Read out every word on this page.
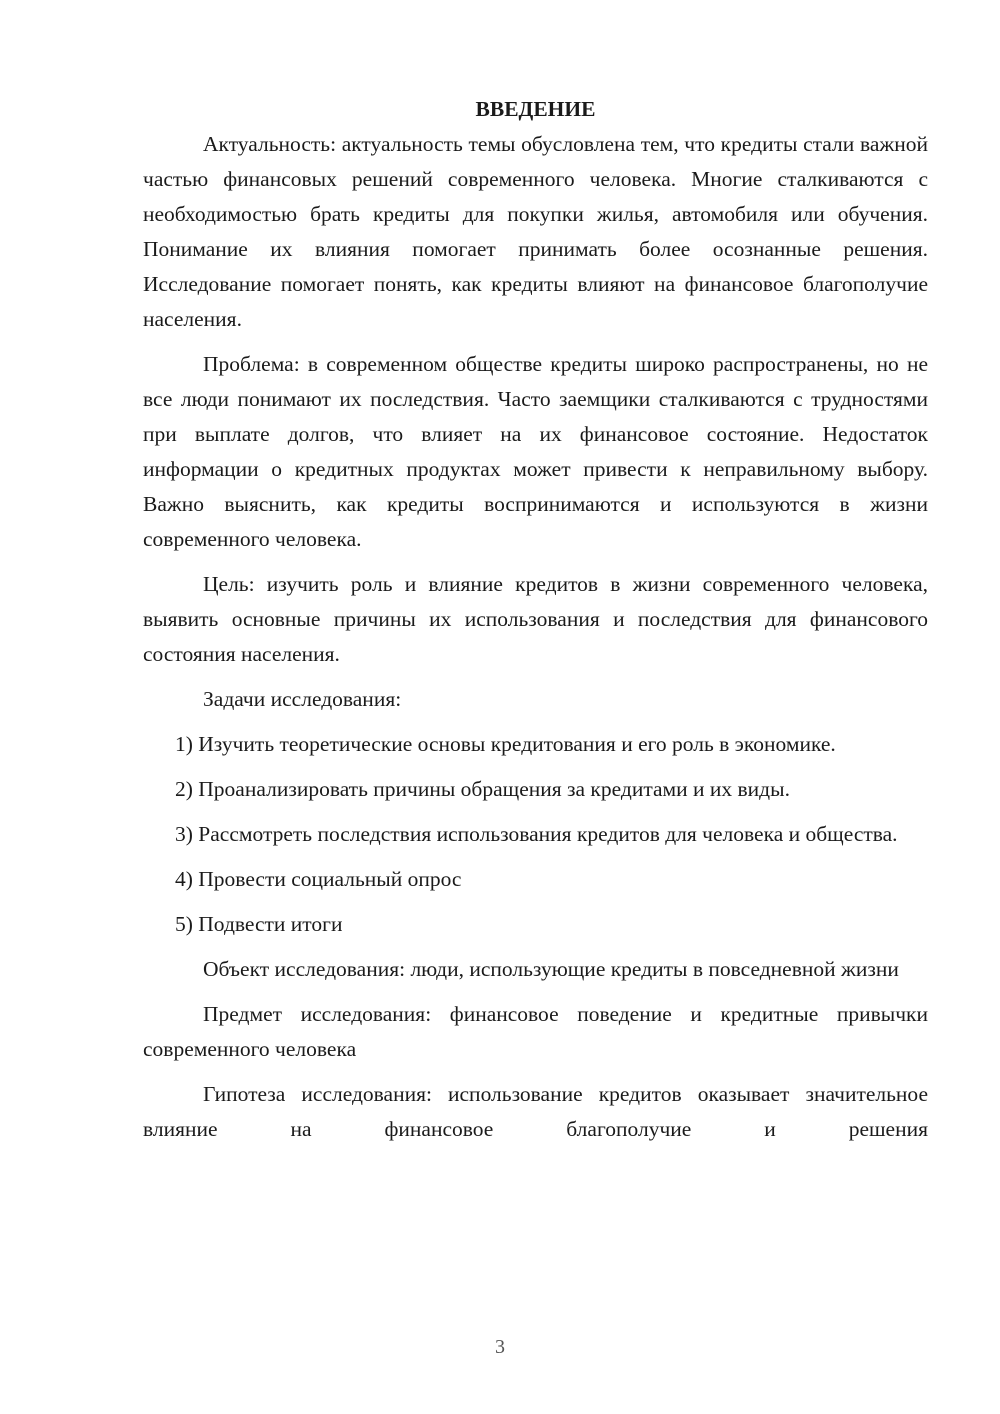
ВВЕДЕНИЕ

Актуальность: актуальность темы обусловлена тем, что кредиты стали важной частью финансовых решений современного человека. Многие сталкиваются с необходимостью брать кредиты для покупки жилья, автомобиля или обучения. Понимание их влияния помогает принимать более осознанные решения. Исследование помогает понять, как кредиты влияют на финансовое благополучие населения.

Проблема: в современном обществе кредиты широко распространены, но не все люди понимают их последствия. Часто заемщики сталкиваются с трудностями при выплате долгов, что влияет на их финансовое состояние. Недостаток информации о кредитных продуктах может привести к неправильному выбору. Важно выяснить, как кредиты воспринимаются и используются в жизни современного человека.

Цель: изучить роль и влияние кредитов в жизни современного человека, выявить основные причины их использования и последствия для финансового состояния населения.

Задачи исследования:

1) Изучить теоретические основы кредитования и его роль в экономике.

2) Проанализировать причины обращения за кредитами и их виды.

3) Рассмотреть последствия использования кредитов для человека и общества.

4) Провести социальный опрос

5) Подвести итоги

Объект исследования: люди, использующие кредиты в повседневной жизни

Предмет исследования: финансовое поведение и кредитные привычки современного человека

Гипотеза исследования: использование кредитов оказывает значительное влияние на финансовое благополучие и решения

3
